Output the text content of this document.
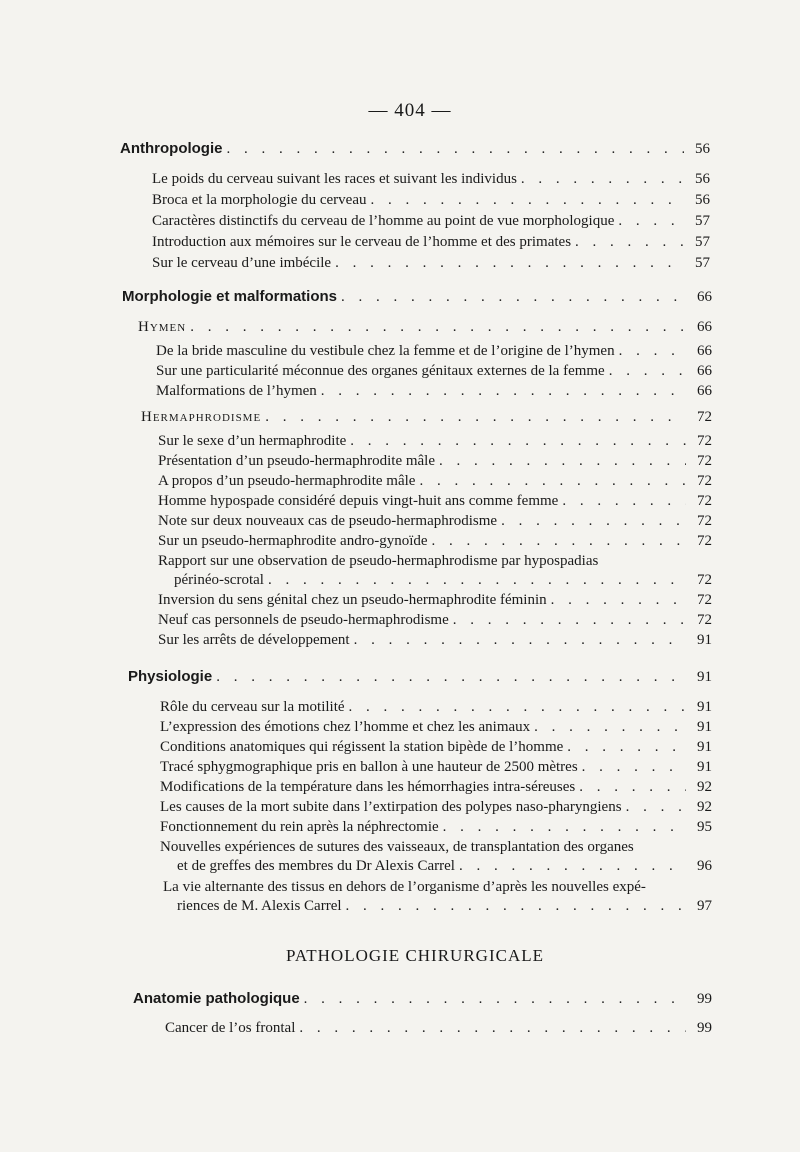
— 404 —
Anthropologie . . .	56
Le poids du cerveau suivant les races et suivant les individus . . .	56
Broca et la morphologie du cerveau . . .	56
Caractères distinctifs du cerveau de l’homme au point de vue morphologique . . .	57
Introduction aux mémoires sur le cerveau de l’homme et des primates . . .	57
Sur le cerveau d’une imbécile . . .	57
Morphologie et malformations . . .	66
Hymen . . .	66
De la bride masculine du vestibule chez la femme et de l’origine de l’hymen . . .	66
Sur une particularité méconnue des organes génitaux externes de la femme . . .	66
Malformations de l’hymen . . .	66
Hermaphrodisme . . .	72
Sur le sexe d’un hermaphrodite . . .	72
Présentation d’un pseudo-hermaphrodite mâle . . .	72
A propos d’un pseudo-hermaphrodite mâle . . .	72
Homme hypospade considéré depuis vingt-huit ans comme femme . . .	72
Note sur deux nouveaux cas de pseudo-hermaphrodisme . . .	72
Sur un pseudo-hermaphrodite andro-gynoïde . . .	72
Rapport sur une observation de pseudo-hermaphrodisme par hypospadias
périnéo-scrotal . . .	72
Inversion du sens génital chez un pseudo-hermaphrodite féminin . . .	72
Neuf cas personnels de pseudo-hermaphrodisme . . .	72
Sur les arrêts de développement . . .	91
Physiologie . . .	91
Rôle du cerveau sur la motilité . . .	91
L’expression des émotions chez l’homme et chez les animaux . . .	91
Conditions anatomiques qui régissent la station bipède de l’homme . . .	91
Tracé sphygmographique pris en ballon à une hauteur de 2500 mètres . . .	91
Modifications de la température dans les hémorrhagies intra-séreuses . . .	92
Les causes de la mort subite dans l’extirpation des polypes naso-pharyngiens . . .	92
Fonctionnement du rein après la néphrectomie . . .	95
Nouvelles expériences de sutures des vaisseaux, de transplantation des organes
et de greffes des membres du Dr Alexis Carrel . . .	96
La vie alternante des tissus en dehors de l’organisme d’après les nouvelles expé-
riences de M. Alexis Carrel . . .	97
PATHOLOGIE CHIRURGICALE
Anatomie pathologique . . .	99
Cancer de l’os frontal . . .	99
